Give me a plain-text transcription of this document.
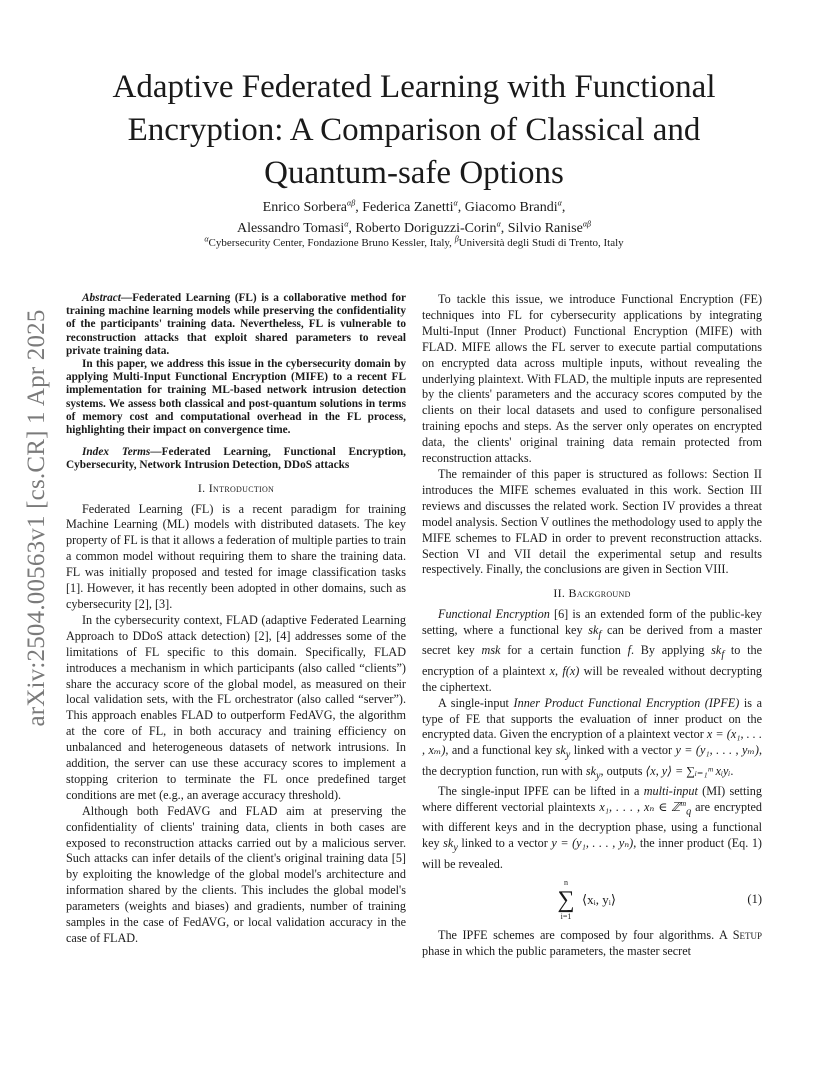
arXiv:2504.00563v1 [cs.CR] 1 Apr 2025
Adaptive Federated Learning with Functional
Encryption: A Comparison of Classical and
Quantum-safe Options
Enrico Sorbera$^{\alpha\beta}$, Federica Zanetti$^\alpha$, Giacomo Brandi$^\alpha$,
Alessandro Tomasi$^\alpha$, Roberto Doriguzzi-Corin$^\alpha$, Silvio Ranise$^{\alpha\beta}$
$^\alpha$Cybersecurity Center, Fondazione Bruno Kessler, Italy, $^\beta$Università degli Studi di Trento, Italy

Abstract—Federated Learning (FL) is a collaborative method for training machine learning models while preserving the confidentiality of the participants' training data. Nevertheless, FL is vulnerable to reconstruction attacks that exploit shared parameters to reveal private training data.

In this paper, we address this issue in the cybersecurity domain by applying Multi-Input Functional Encryption (MIFE) to a recent FL implementation for training ML-based network intrusion detection systems. We assess both classical and post-quantum solutions in terms of memory cost and computational overhead in the FL process, highlighting their impact on convergence time.

Index Terms—Federated Learning, Functional Encryption, Cybersecurity, Network Intrusion Detection, DDoS attacks

I. Introduction

Federated Learning (FL) is a recent paradigm for training Machine Learning (ML) models with distributed datasets. The key property of FL is that it allows a federation of multiple parties to train a common model without requiring them to share the training data. FL was initially proposed and tested for image classification tasks [1]. However, it has recently been adopted in other domains, such as cybersecurity [2], [3].

In the cybersecurity context, FLAD (adaptive Federated Learning Approach to DDoS attack detection) [2], [4] addresses some of the limitations of FL specific to this domain. Specifically, FLAD introduces a mechanism in which participants (also called “clients”) share the accuracy score of the global model, as measured on their local validation sets, with the FL orchestrator (also called “server”). This approach enables FLAD to outperform FedAVG, the algorithm at the core of FL, in both accuracy and training efficiency on unbalanced and heterogeneous datasets of network intrusions. In addition, the server can use these accuracy scores to implement a stopping criterion to terminate the FL once predefined target conditions are met (e.g., an average accuracy threshold).

Although both FedAVG and FLAD aim at preserving the confidentiality of clients' training data, clients in both cases are exposed to reconstruction attacks carried out by a malicious server. Such attacks can infer details of the client's original training data [5] by exploiting the knowledge of the global model's architecture and information shared by the clients. This includes the global model's parameters (weights and biases) and gradients, number of training samples in the case of FedAVG, or local validation accuracy in the case of FLAD.

To tackle this issue, we introduce Functional Encryption (FE) techniques into FL for cybersecurity applications by integrating Multi-Input (Inner Product) Functional Encryption (MIFE) with FLAD. MIFE allows the FL server to execute partial computations on encrypted data across multiple inputs, without revealing the underlying plaintext. With FLAD, the multiple inputs are represented by the clients' parameters and the accuracy scores computed by the clients on their local datasets and used to configure personalised training epochs and steps. As the server only operates on encrypted data, the clients' original training data remain protected from reconstruction attacks.

The remainder of this paper is structured as follows: Section II introduces the MIFE schemes evaluated in this work. Section III reviews and discusses the related work. Section IV provides a threat model analysis. Section V outlines the methodology used to apply the MIFE schemes to FLAD in order to prevent reconstruction attacks. Section VI and VII detail the experimental setup and results respectively. Finally, the conclusions are given in Section VIII.

II. Background

Functional Encryption [6] is an extended form of the public-key setting, where a functional key $sk_f$ can be derived from a master secret key msk for a certain function f. By applying $sk_f$ to the encryption of a plaintext x, f(x) will be revealed without decrypting the ciphertext.

A single-input Inner Product Functional Encryption (IPFE) is a type of FE that supports the evaluation of inner product on the encrypted data. Given the encryption of a plaintext vector x = (x₁, . . . , xₘ), and a functional key $sk_y$ linked with a vector y = (y₁, . . . , yₘ), the decryption function, run with $sk_y$, outputs ⟨x, y⟩ = ∑ᵢ₌₁ᵐ xᵢyᵢ.

The single-input IPFE can be lifted in a multi-input (MI) setting where different vectorial plaintexts x₁, . . . , xₙ ∈ ℤ$^m_q$ are encrypted with different keys and in the decryption phase, using a functional key $sk_y$ linked to a vector y = (y₁, . . . , yₙ), the inner product (Eq. 1) will be revealed.

n
∑
i=1
⟨xᵢ, yᵢ⟩	(1)

The IPFE schemes are composed by four algorithms. A Setup phase in which the public parameters, the master secret
